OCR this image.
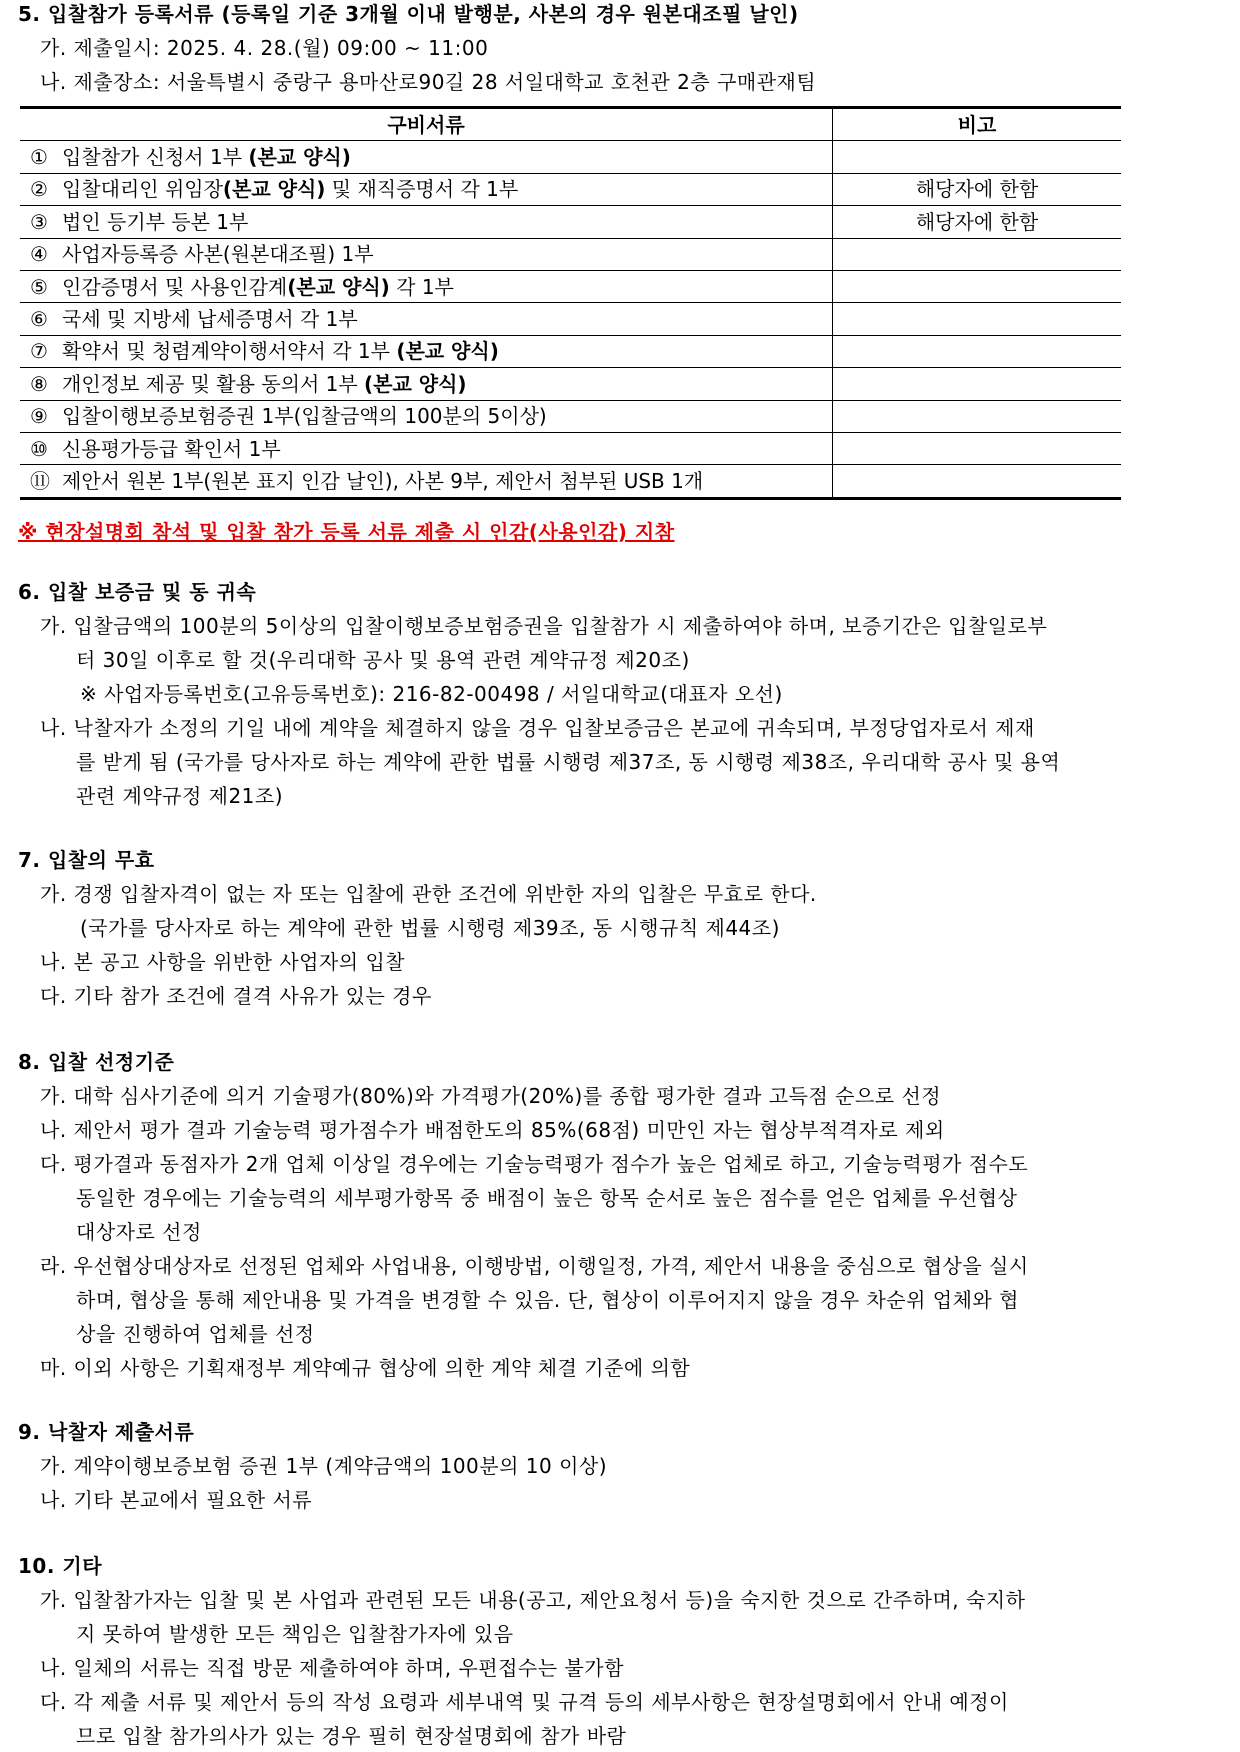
5. 입찰참가 등록서류 (등록일 기준 3개월 이내 발행분, 사본의 경우 원본대조필 날인)
가. 제출일시: 2025. 4. 28.(월) 09:00 ~ 11:00
나. 제출장소: 서울특별시 중랑구 용마산로90길 28 서일대학교 호천관 2층 구매관재팀
구비서류	비고
① 입찰참가 신청서 1부 (본교 양식)	
② 입찰대리인 위임장(본교 양식) 및 재직증명서 각 1부	해당자에 한함
③ 법인 등기부 등본 1부	해당자에 한함
④ 사업자등록증 사본(원본대조필) 1부	
⑤ 인감증명서 및 사용인감계(본교 양식) 각 1부	
⑥ 국세 및 지방세 납세증명서 각 1부	
⑦ 확약서 및 청렴계약이행서약서 각 1부 (본교 양식)	
⑧ 개인정보 제공 및 활용 동의서 1부 (본교 양식)	
⑨ 입찰이행보증보험증권 1부(입찰금액의 100분의 5이상)	
⑩ 신용평가등급 확인서 1부	
⑪ 제안서 원본 1부(원본 표지 인감 날인), 사본 9부, 제안서 첨부된 USB 1개	
※ 현장설명회 참석 및 입찰 참가 등록 서류 제출 시 인감(사용인감) 지참
6. 입찰 보증금 및 동 귀속
가. 입찰금액의 100분의 5이상의 입찰이행보증보험증권을 입찰참가 시 제출하여야 하며, 보증기간은 입찰일로부
터 30일 이후로 할 것(우리대학 공사 및 용역 관련 계약규정 제20조)
※ 사업자등록번호(고유등록번호): 216-82-00498 / 서일대학교(대표자 오선)
나. 낙찰자가 소정의 기일 내에 계약을 체결하지 않을 경우 입찰보증금은 본교에 귀속되며, 부정당업자로서 제재
를 받게 됨 (국가를 당사자로 하는 계약에 관한 법률 시행령 제37조, 동 시행령 제38조, 우리대학 공사 및 용역
관련 계약규정 제21조)
7. 입찰의 무효
가. 경쟁 입찰자격이 없는 자 또는 입찰에 관한 조건에 위반한 자의 입찰은 무효로 한다.
(국가를 당사자로 하는 계약에 관한 법률 시행령 제39조, 동 시행규칙 제44조)
나. 본 공고 사항을 위반한 사업자의 입찰
다. 기타 참가 조건에 결격 사유가 있는 경우
8. 입찰 선정기준
가. 대학 심사기준에 의거 기술평가(80%)와 가격평가(20%)를 종합 평가한 결과 고득점 순으로 선정
나. 제안서 평가 결과 기술능력 평가점수가 배점한도의 85%(68점) 미만인 자는 협상부적격자로 제외
다. 평가결과 동점자가 2개 업체 이상일 경우에는 기술능력평가 점수가 높은 업체로 하고, 기술능력평가 점수도
동일한 경우에는 기술능력의 세부평가항목 중 배점이 높은 항목 순서로 높은 점수를 얻은 업체를 우선협상
대상자로 선정
라. 우선협상대상자로 선정된 업체와 사업내용, 이행방법, 이행일정, 가격, 제안서 내용을 중심으로 협상을 실시
하며, 협상을 통해 제안내용 및 가격을 변경할 수 있음. 단, 협상이 이루어지지 않을 경우 차순위 업체와 협
상을 진행하여 업체를 선정
마. 이외 사항은 기획재정부 계약예규 협상에 의한 계약 체결 기준에 의함
9. 낙찰자 제출서류
가. 계약이행보증보험 증권 1부 (계약금액의 100분의 10 이상)
나. 기타 본교에서 필요한 서류
10. 기타
가. 입찰참가자는 입찰 및 본 사업과 관련된 모든 내용(공고, 제안요청서 등)을 숙지한 것으로 간주하며, 숙지하
지 못하여 발생한 모든 책임은 입찰참가자에 있음
나. 일체의 서류는 직접 방문 제출하여야 하며, 우편접수는 불가함
다. 각 제출 서류 및 제안서 등의 작성 요령과 세부내역 및 규격 등의 세부사항은 현장설명회에서 안내 예정이
므로 입찰 참가의사가 있는 경우 필히 현장설명회에 참가 바람
